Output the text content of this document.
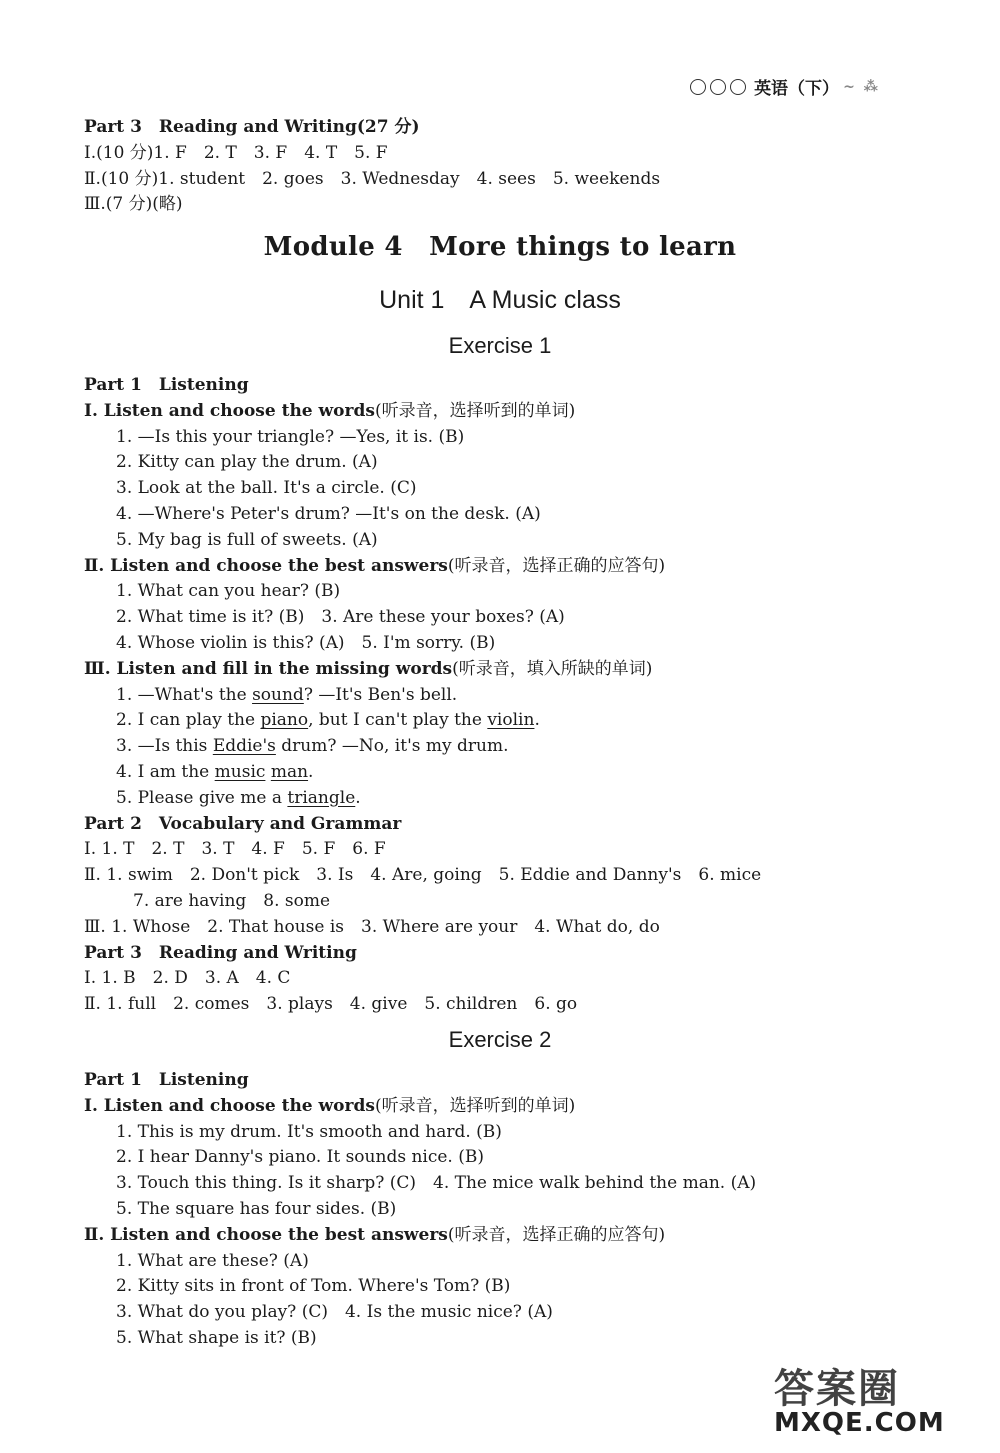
英语（下） ~ ⁂
Part 3　Reading and Writing(27 分)
Ⅰ.(10 分)1. F　2. T　3. F　4. T　5. F
Ⅱ.(10 分)1. student　2. goes　3. Wednesday　4. sees　5. weekends
Ⅲ.(7 分)(略)
Module 4　More things to learn
Unit 1　A Music class
Exercise 1
Part 1　Listening
Ⅰ. Listen and choose the words(听录音，选择听到的单词)
1. —Is this your triangle? —Yes, it is. (B)
2. Kitty can play the drum. (A)
3. Look at the ball. It's a circle. (C)
4. —Where's Peter's drum? —It's on the desk. (A)
5. My bag is full of sweets. (A)
Ⅱ. Listen and choose the best answers(听录音，选择正确的应答句)
1. What can you hear? (B)
2. What time is it? (B)　3. Are these your boxes? (A)
4. Whose violin is this? (A)　5. I'm sorry. (B)
Ⅲ. Listen and fill in the missing words(听录音，填入所缺的单词)
1. —What's the sound? —It's Ben's bell.
2. I can play the piano, but I can't play the violin.
3. —Is this Eddie's drum? —No, it's my drum.
4. I am the music man.
5. Please give me a triangle.
Part 2　Vocabulary and Grammar
Ⅰ. 1. T　2. T　3. T　4. F　5. F　6. F
Ⅱ. 1. swim　2. Don't pick　3. Is　4. Are, going　5. Eddie and Danny's　6. mice
　7. are having　8. some
Ⅲ. 1. Whose　2. That house is　3. Where are your　4. What do, do
Part 3　Reading and Writing
Ⅰ. 1. B　2. D　3. A　4. C
Ⅱ. 1. full　2. comes　3. plays　4. give　5. children　6. go
Exercise 2
Part 1　Listening
Ⅰ. Listen and choose the words(听录音，选择听到的单词)
1. This is my drum. It's smooth and hard. (B)
2. I hear Danny's piano. It sounds nice. (B)
3. Touch this thing. Is it sharp? (C)　4. The mice walk behind the man. (A)
5. The square has four sides. (B)
Ⅱ. Listen and choose the best answers(听录音，选择正确的应答句)
1. What are these? (A)
2. Kitty sits in front of Tom. Where's Tom? (B)
3. What do you play? (C)　4. Is the music nice? (A)
5. What shape is it? (B)
答案圈
MXQE.COM
